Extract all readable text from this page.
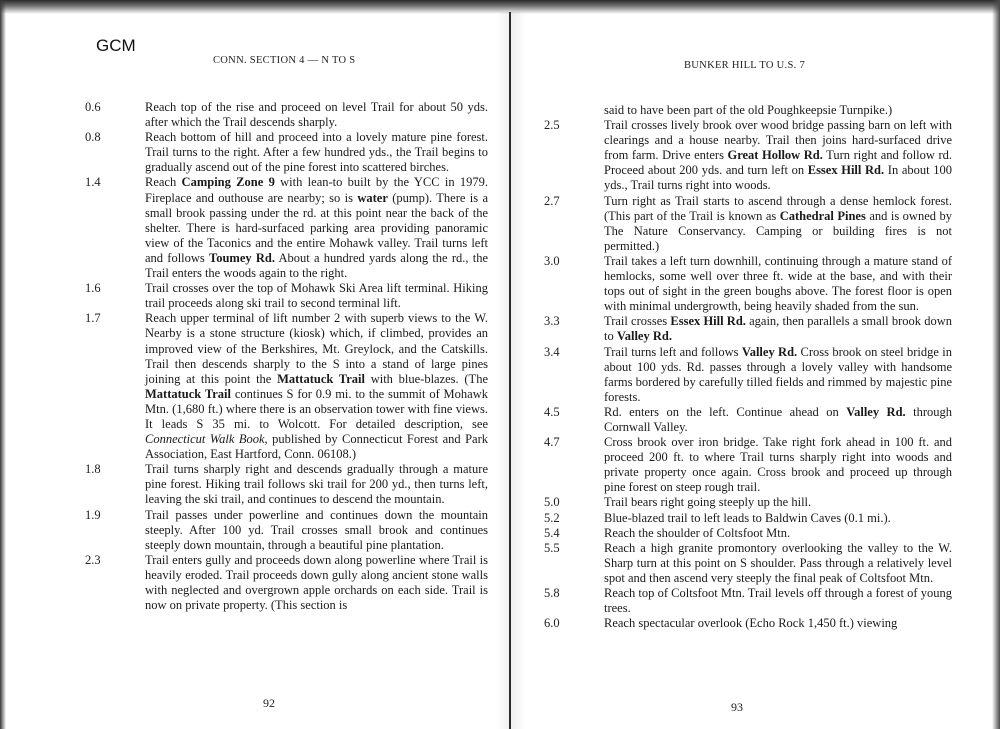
GCM
CONN. SECTION 4 — N TO S
0.6	Reach top of the rise and proceed on level Trail for about 50 yds. after which the Trail descends sharply.
0.8	Reach bottom of hill and proceed into a lovely mature pine forest. Trail turns to the right. After a few hundred yds., the Trail begins to gradually ascend out of the pine forest into scattered birches.
1.4	Reach Camping Zone 9 with lean-to built by the YCC in 1979. Fireplace and outhouse are nearby; so is water (pump). There is a small brook passing under the rd. at this point near the back of the shelter. There is hard-surfaced parking area providing panoramic view of the Taconics and the entire Mohawk valley. Trail turns left and follows Toumey Rd. About a hundred yards along the rd., the Trail enters the woods again to the right.
1.6	Trail crosses over the top of Mohawk Ski Area lift terminal. Hiking trail proceeds along ski trail to second terminal lift.
1.7	Reach upper terminal of lift number 2 with superb views to the W. Nearby is a stone structure (kiosk) which, if climbed, provides an improved view of the Berkshires, Mt. Greylock, and the Catskills. Trail then descends sharply to the S into a stand of large pines joining at this point the Mattatuck Trail with blue-blazes. (The Mattatuck Trail continues S for 0.9 mi. to the summit of Mohawk Mtn. (1,680 ft.) where there is an observation tower with fine views. It leads S 35 mi. to Wolcott. For detailed description, see Connecticut Walk Book, published by Connecticut Forest and Park Association, East Hartford, Conn. 06108.)
1.8	Trail turns sharply right and descends gradually through a mature pine forest. Hiking trail follows ski trail for 200 yd., then turns left, leaving the ski trail, and continues to descend the mountain.
1.9	Trail passes under powerline and continues down the mountain steeply. After 100 yd. Trail crosses small brook and continues steeply down mountain, through a beautiful pine plantation.
2.3	Trail enters gully and proceeds down along powerline where Trail is heavily eroded. Trail proceeds down gully along ancient stone walls with neglected and overgrown apple orchards on each side. Trail is now on private property. (This section is
92
BUNKER HILL TO U.S. 7
said to have been part of the old Poughkeepsie Turnpike.)
2.5	Trail crosses lively brook over wood bridge passing barn on left with clearings and a house nearby. Trail then joins hard-surfaced drive from farm. Drive enters Great Hollow Rd. Turn right and follow rd. Proceed about 200 yds. and turn left on Essex Hill Rd. In about 100 yds., Trail turns right into woods.
2.7	Turn right as Trail starts to ascend through a dense hemlock forest. (This part of the Trail is known as Cathedral Pines and is owned by The Nature Conservancy. Camping or building fires is not permitted.)
3.0	Trail takes a left turn downhill, continuing through a mature stand of hemlocks, some well over three ft. wide at the base, and with their tops out of sight in the green boughs above. The forest floor is open with minimal undergrowth, being heavily shaded from the sun.
3.3	Trail crosses Essex Hill Rd. again, then parallels a small brook down to Valley Rd.
3.4	Trail turns left and follows Valley Rd. Cross brook on steel bridge in about 100 yds. Rd. passes through a lovely valley with handsome farms bordered by carefully tilled fields and rimmed by majestic pine forests.
4.5	Rd. enters on the left. Continue ahead on Valley Rd. through Cornwall Valley.
4.7	Cross brook over iron bridge. Take right fork ahead in 100 ft. and proceed 200 ft. to where Trail turns sharply right into woods and private property once again. Cross brook and proceed up through pine forest on steep rough trail.
5.0	Trail bears right going steeply up the hill.
5.2	Blue-blazed trail to left leads to Baldwin Caves (0.1 mi.).
5.4	Reach the shoulder of Coltsfoot Mtn.
5.5	Reach a high granite promontory overlooking the valley to the W. Sharp turn at this point on S shoulder. Pass through a relatively level spot and then ascend very steeply the final peak of Coltsfoot Mtn.
5.8	Reach top of Coltsfoot Mtn. Trail levels off through a forest of young trees.
6.0	Reach spectacular overlook (Echo Rock 1,450 ft.) viewing
93
